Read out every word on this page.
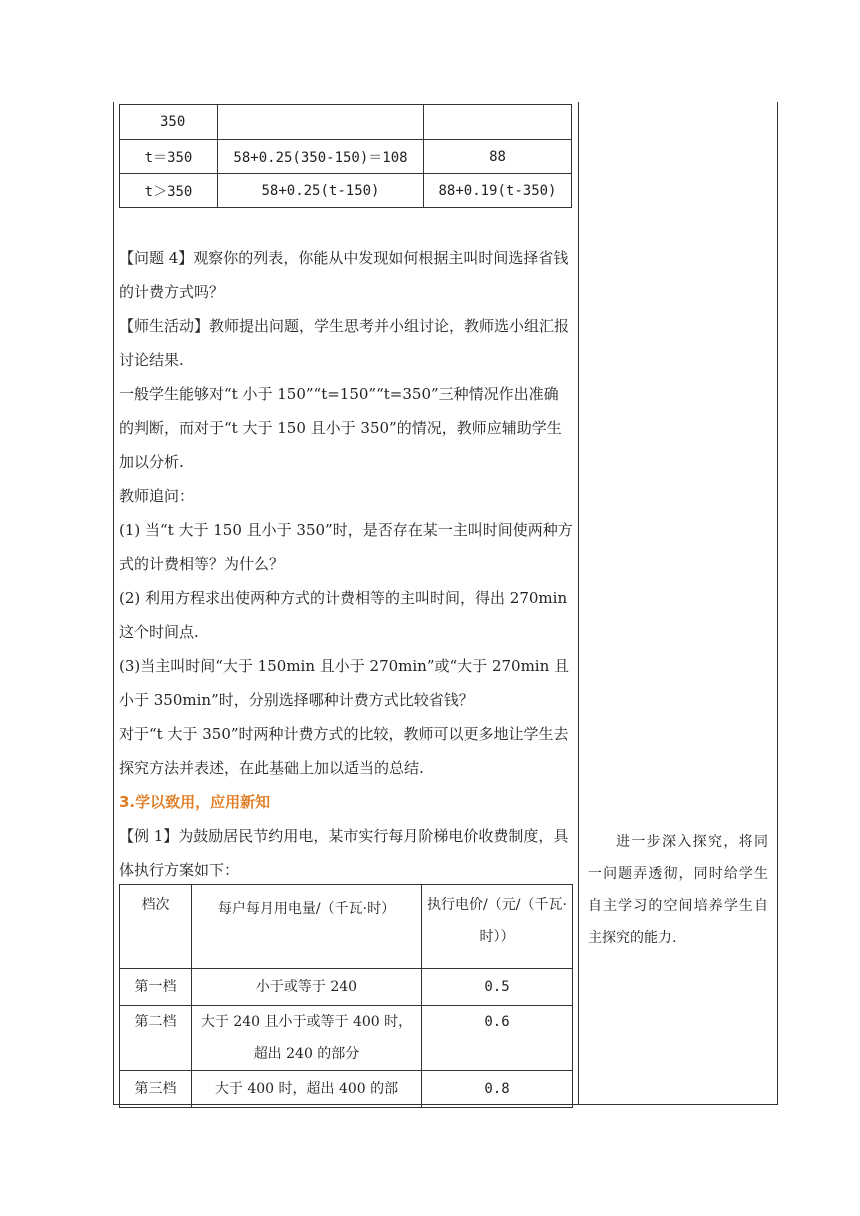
350		
t＝350	58+0.25(350-150)＝108	88
t＞350	58+0.25(t-150)	88+0.19(t-350)

【问题 4】观察你的列表，你能从中发现如何根据主叫时间选择省钱的计费方式吗？

【师生活动】教师提出问题，学生思考并小组讨论，教师选小组汇报讨论结果.

一般学生能够对“t 小于 150”“t=150”“t=350”三种情况作出准确的判断，而对于“t 大于 150 且小于 350”的情况，教师应辅助学生加以分析.

教师追问：

(1) 当“t 大于 150 且小于 350”时，是否存在某一主叫时间使两种方式的计费相等？为什么？

(2) 利用方程求出使两种方式的计费相等的主叫时间，得出 270min 这个时间点.

(3)当主叫时间“大于 150min 且小于 270min”或“大于 270min 且小于 350min”时，分别选择哪种计费方式比较省钱？

对于“t 大于 350”时两种计费方式的比较，教师可以更多地让学生去探究方法并表述，在此基础上加以适当的总结.

3.学以致用，应用新知

【例 1】为鼓励居民节约用电，某市实行每月阶梯电价收费制度，具体执行方案如下：

档次	每户每月用电量/（千瓦·时）	执行电价/（元/（千瓦·时））
第一档	小于或等于 240	0.5
第二档	大于 240 且小于或等于 400 时，超出 240 的部分	0.6
第三档	大于 400 时，超出 400 的部	0.8
进一步深入探究，将同一问题弄透彻，同时给学生自主学习的空间培养学生自主探究的能力.
